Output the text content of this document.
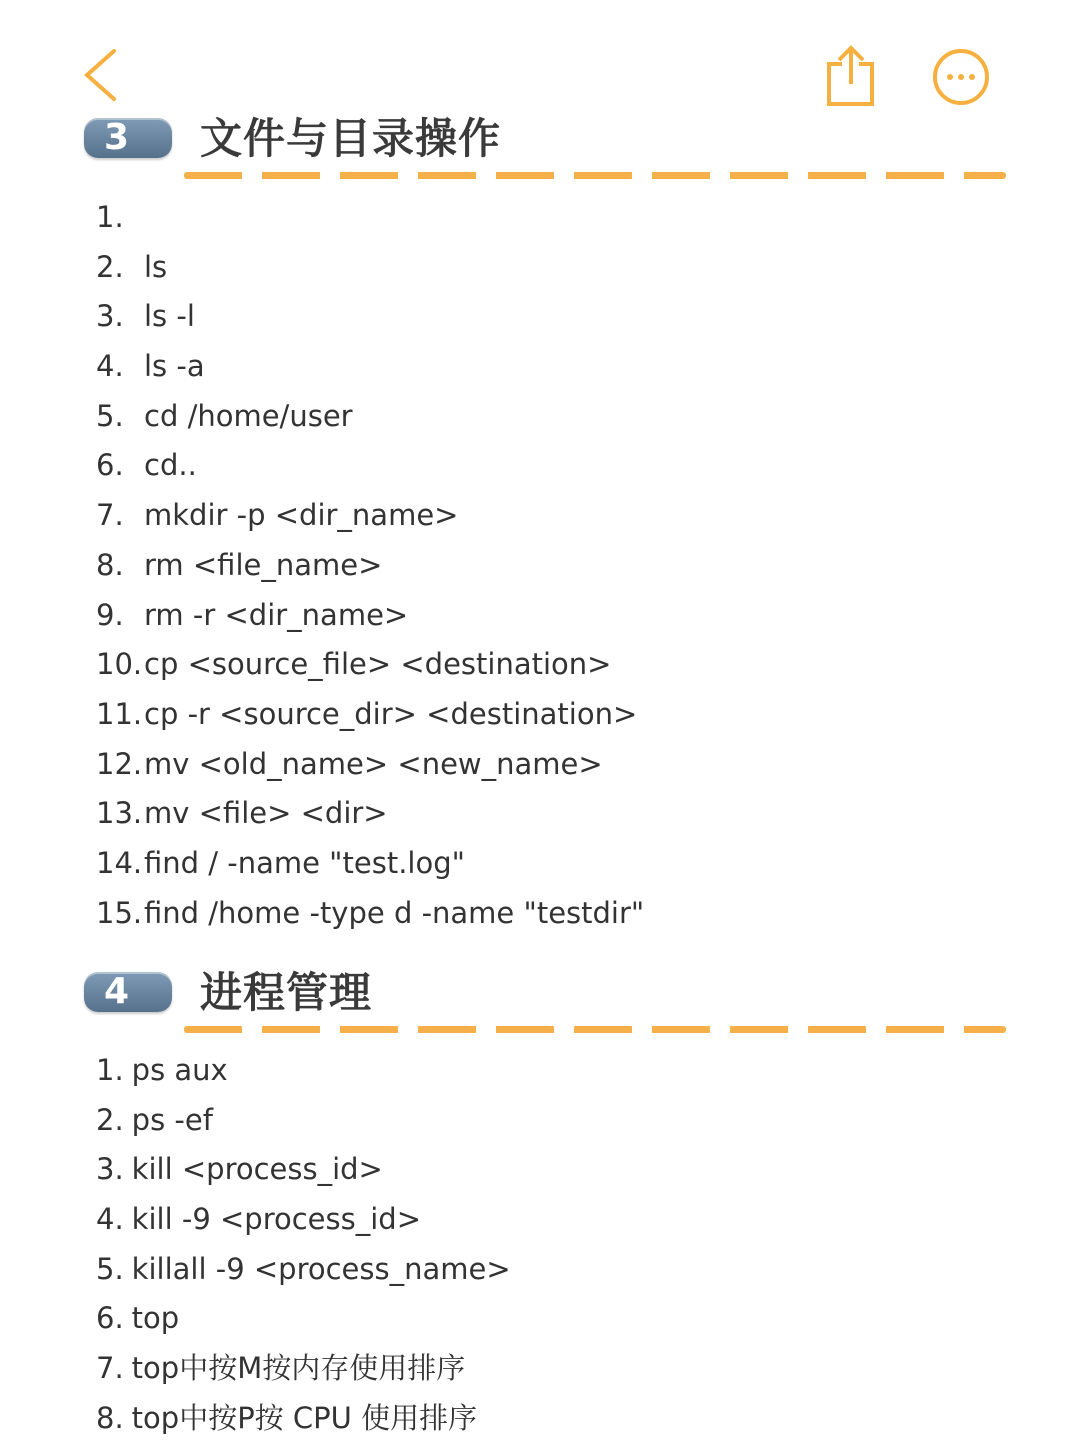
3	文件与目录操作
1.
2. ls
3. ls -l
4. ls -a
5. cd /home/user
6. cd..
7. mkdir -p <dir_name>
8. rm <file_name>
9. rm -r <dir_name>
10.cp <source_file> <destination>
11.cp -r <source_dir> <destination>
12.mv <old_name> <new_name>
13.mv <file> <dir>
14.find / -name "test.log"
15.find /home -type d -name "testdir"
4	进程管理
1. ps aux
2. ps -ef
3. kill <process_id>
4. kill -9 <process_id>
5. killall -9 <process_name>
6. top
7. top中按M按内存使用排序
8. top中按P按 CPU 使用排序
